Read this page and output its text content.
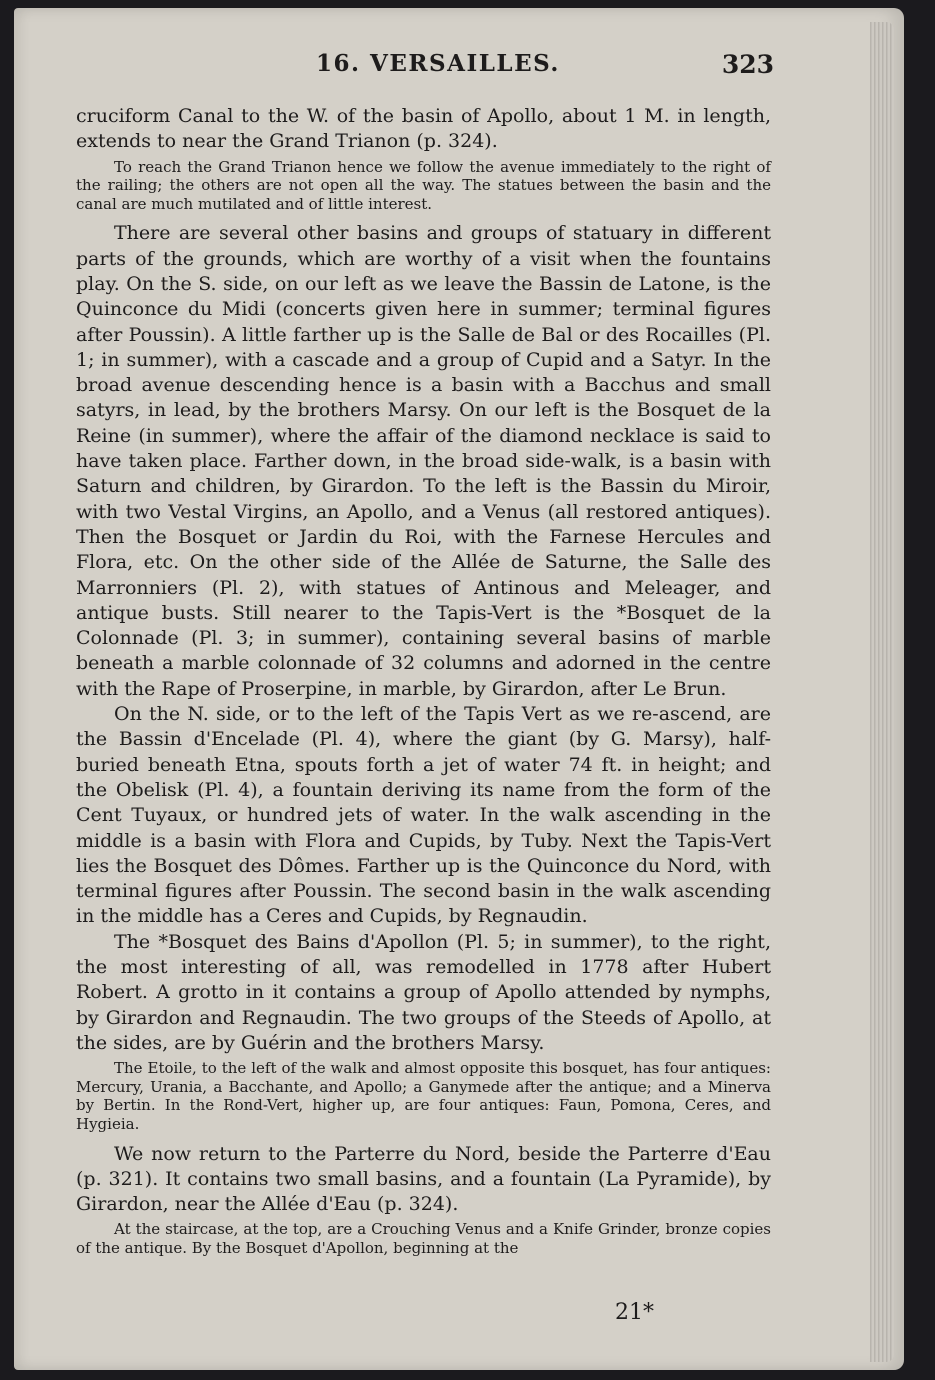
16. VERSAILLES.	323

cruciform Canal to the W. of the basin of Apollo, about 1 M. in length, extends to near the Grand Trianon (p. 324).

To reach the Grand Trianon hence we follow the avenue immediately to the right of the railing; the others are not open all the way. The statues between the basin and the canal are much mutilated and of little interest.

There are several other basins and groups of statuary in different parts of the grounds, which are worthy of a visit when the fountains play. On the S. side, on our left as we leave the Bassin de Latone, is the Quinconce du Midi (concerts given here in summer; terminal figures after Poussin). A little farther up is the Salle de Bal or des Rocailles (Pl. 1; in summer), with a cascade and a group of Cupid and a Satyr. In the broad avenue descending hence is a basin with a Bacchus and small satyrs, in lead, by the brothers Marsy. On our left is the Bosquet de la Reine (in summer), where the affair of the diamond necklace is said to have taken place. Farther down, in the broad side-walk, is a basin with Saturn and children, by Girardon. To the left is the Bassin du Miroir, with two Vestal Virgins, an Apollo, and a Venus (all restored antiques). Then the Bosquet or Jardin du Roi, with the Farnese Hercules and Flora, etc. On the other side of the Allée de Saturne, the Salle des Marronniers (Pl. 2), with statues of Antinous and Meleager, and antique busts. Still nearer to the Tapis-Vert is the *Bosquet de la Colonnade (Pl. 3; in summer), containing several basins of marble beneath a marble colonnade of 32 columns and adorned in the centre with the Rape of Proserpine, in marble, by Girardon, after Le Brun.

On the N. side, or to the left of the Tapis Vert as we re-ascend, are the Bassin d'Encelade (Pl. 4), where the giant (by G. Marsy), half-buried beneath Etna, spouts forth a jet of water 74 ft. in height; and the Obelisk (Pl. 4), a fountain deriving its name from the form of the Cent Tuyaux, or hundred jets of water. In the walk ascending in the middle is a basin with Flora and Cupids, by Tuby. Next the Tapis-Vert lies the Bosquet des Dômes. Farther up is the Quinconce du Nord, with terminal figures after Poussin. The second basin in the walk ascending in the middle has a Ceres and Cupids, by Regnaudin.

The *Bosquet des Bains d'Apollon (Pl. 5; in summer), to the right, the most interesting of all, was remodelled in 1778 after Hubert Robert. A grotto in it contains a group of Apollo attended by nymphs, by Girardon and Regnaudin. The two groups of the Steeds of Apollo, at the sides, are by Guérin and the brothers Marsy.

The Etoile, to the left of the walk and almost opposite this bosquet, has four antiques: Mercury, Urania, a Bacchante, and Apollo; a Ganymede after the antique; and a Minerva by Bertin. In the Rond-Vert, higher up, are four antiques: Faun, Pomona, Ceres, and Hygieia.

We now return to the Parterre du Nord, beside the Parterre d'Eau (p. 321). It contains two small basins, and a fountain (La Pyramide), by Girardon, near the Allée d'Eau (p. 324).

At the staircase, at the top, are a Crouching Venus and a Knife Grinder, bronze copies of the antique. By the Bosquet d'Apollon, beginning at the

21*
